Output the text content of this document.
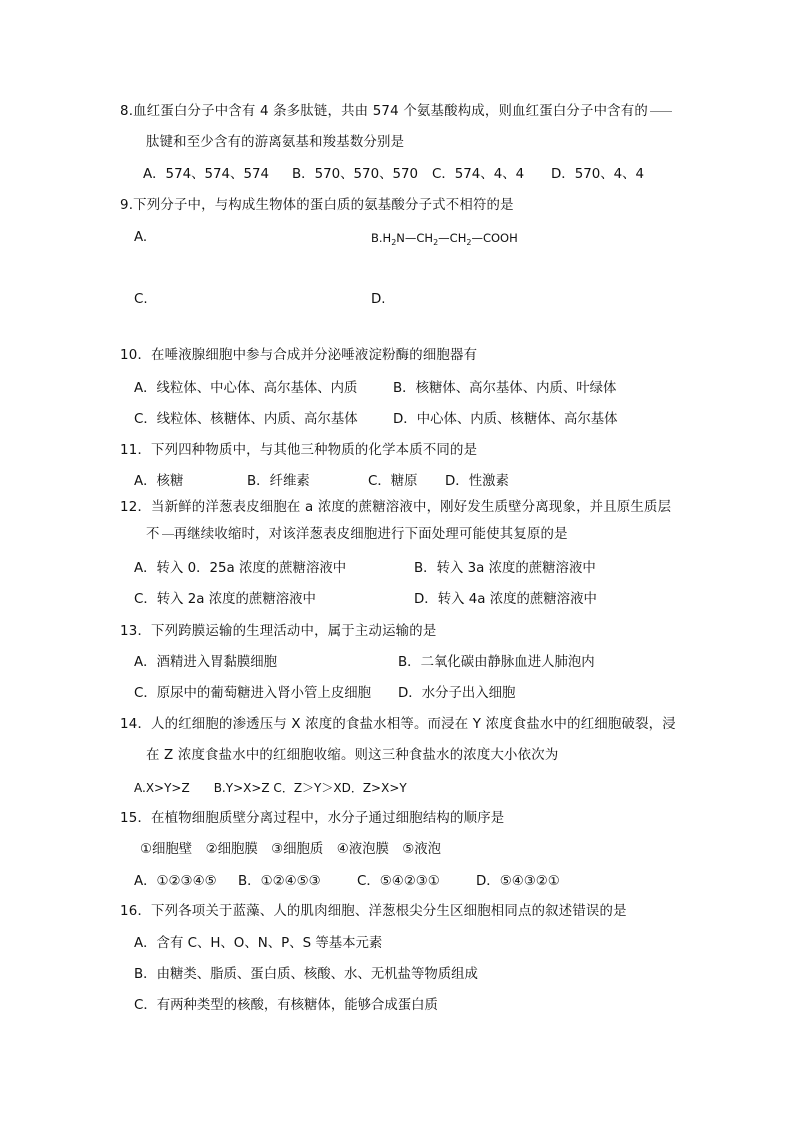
8.血红蛋白分子中含有 4 条多肽链，共由 574 个氨基酸构成，则血红蛋白分子中含有的
肽键和至少含有的游离氨基和羧基数分别是
A．574、574、574 B．570、570、570 C．574、4、4 D．570、4、4
9.下列分子中，与构成生物体的蛋白质的氨基酸分子式不相符的是
A.	$B.H_2N—CH_2—CH_2—COOH$
C.	D.
10．在唾液腺细胞中参与合成并分泌唾液淀粉酶的细胞器有
A．线粒体、中心体、高尔基体、内质	B．核糖体、高尔基体、内质、叶绿体
C．线粒体、核糖体、内质、高尔基体	D．中心体、内质、核糖体、高尔基体
11．下列四种物质中，与其他三种物质的化学本质不同的是
A．核糖	B．纤维素	C．糖原 D．性激素
12．当新鲜的洋葱表皮细胞在 a 浓度的蔗糖溶液中，刚好发生质壁分离现象，并且原生质层
不 再继续收缩时，对该洋葱表皮细胞进行下面处理可能使其复原的是
A．转入 0．25a 浓度的蔗糖溶液中	B．转入 3a 浓度的蔗糖溶液中
C．转入 2a 浓度的蔗糖溶液中	D．转入 4a 浓度的蔗糖溶液中
13．下列跨膜运输的生理活动中，属于主动运输的是
A．酒精进入胃黏膜细胞	B．二氧化碳由静脉血进人肺泡内
C．原尿中的葡萄糖进入肾小管上皮细胞 D．水分子出入细胞
14．人的红细胞的渗透压与 X 浓度的食盐水相等。而浸在 Y 浓度食盐水中的红细胞破裂，浸
在 Z 浓度食盐水中的红细胞收缩。则这三种食盐水的浓度大小依次为
A.X>Y>Z　　B.Y>X>Z C．Z＞Y＞XD．Z>X>Y
15．在植物细胞质壁分离过程中，水分子通过细胞结构的顺序是
①细胞壁　②细胞膜　③细胞质　④液泡膜　⑤液泡
A．①②③④⑤ B．①②④⑤③	C．⑤④②③①	D．⑤④③②①
16．下列各项关于蓝藻、人的肌肉细胞、洋葱根尖分生区细胞相同点的叙述错误的是
A．含有 C、H、O、N、P、S 等基本元素
B．由糖类、脂质、蛋白质、核酸、水、无机盐等物质组成
C．有两种类型的核酸，有核糖体，能够合成蛋白质
